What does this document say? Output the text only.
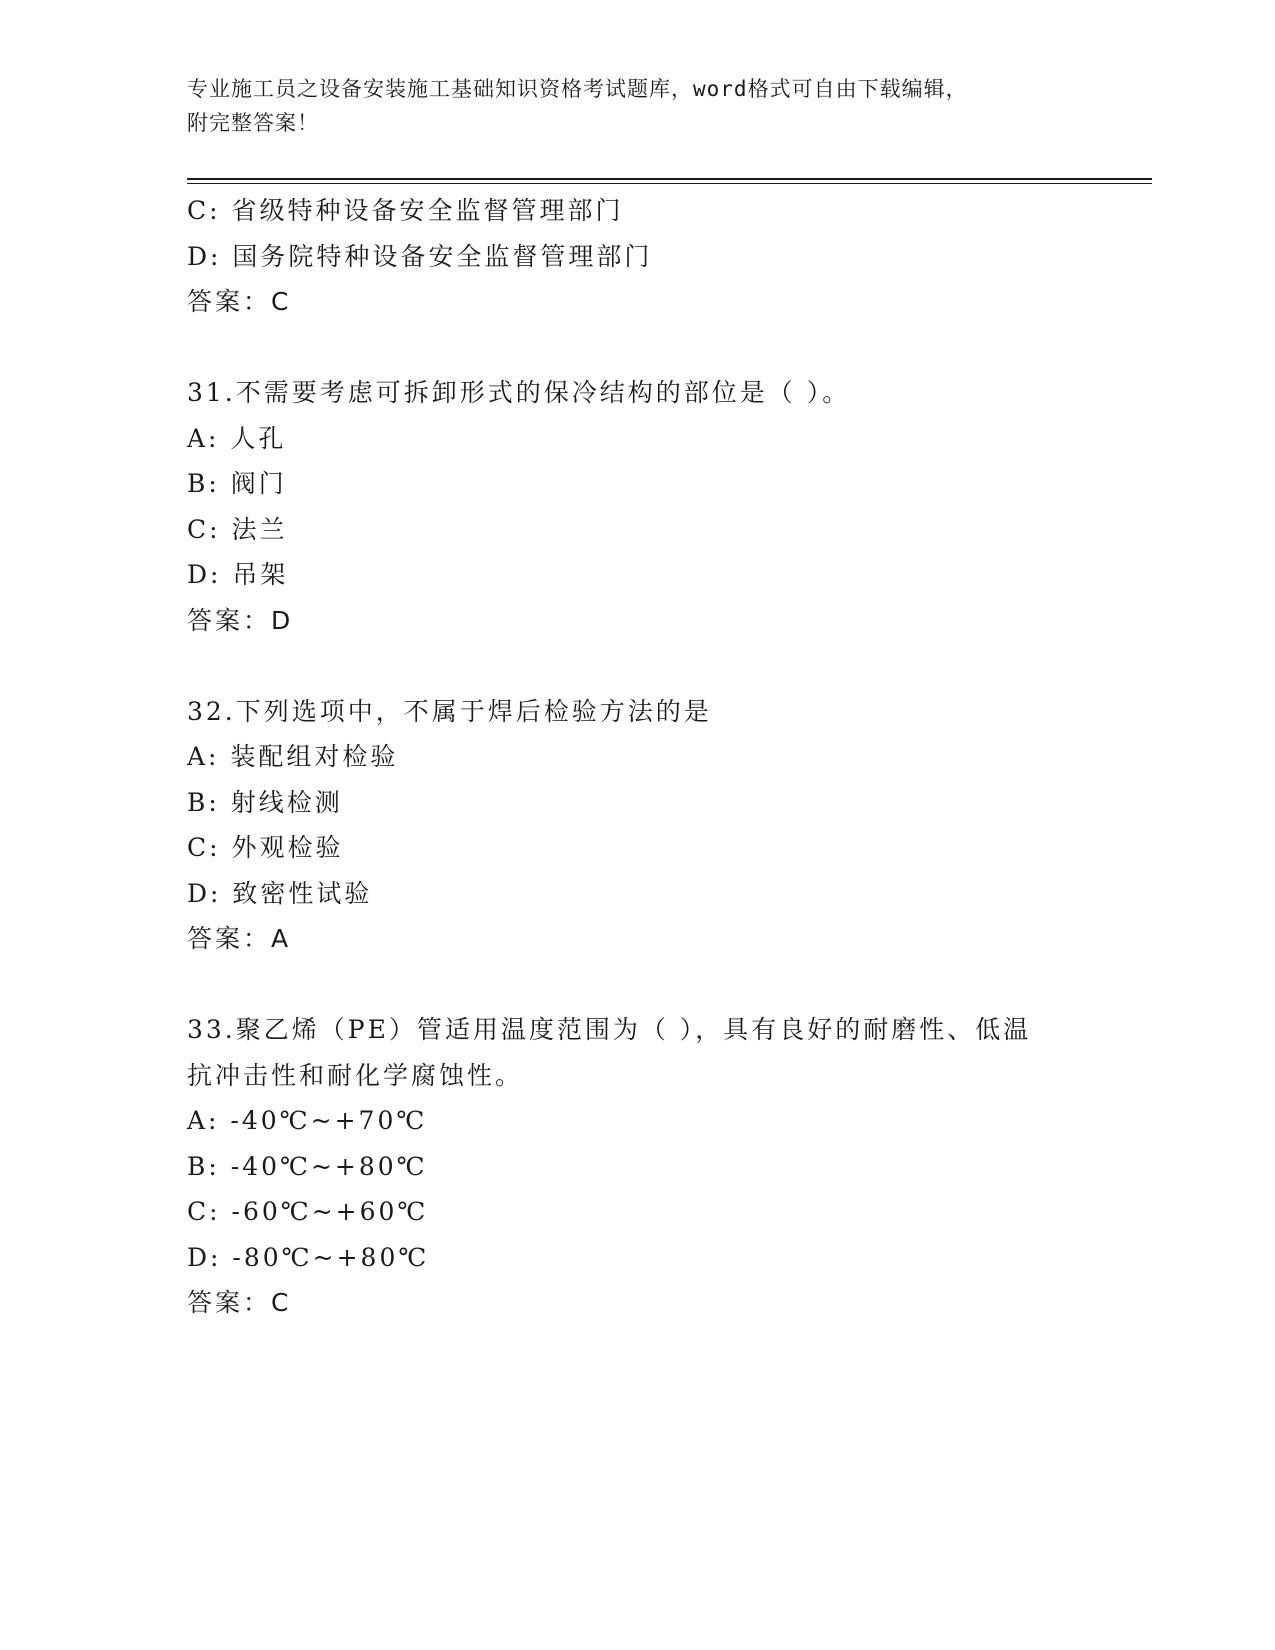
专业施工员之设备安装施工基础知识资格考试题库，word格式可自由下载编辑，
附完整答案！
C: 省级特种设备安全监督管理部门
D: 国务院特种设备安全监督管理部门
答案：C
31.不需要考虑可拆卸形式的保冷结构的部位是（ ）。
A: 人孔
B: 阀门
C: 法兰
D: 吊架
答案：D
32.下列选项中，不属于焊后检验方法的是
A: 装配组对检验
B: 射线检测
C: 外观检验
D: 致密性试验
答案：A
33.聚乙烯（PE）管适用温度范围为（ ），具有良好的耐磨性、低温
抗冲击性和耐化学腐蚀性。
A: -40℃~+70℃
B: -40℃~+80℃
C: -60℃~+60℃
D: -80℃~+80℃
答案：C
